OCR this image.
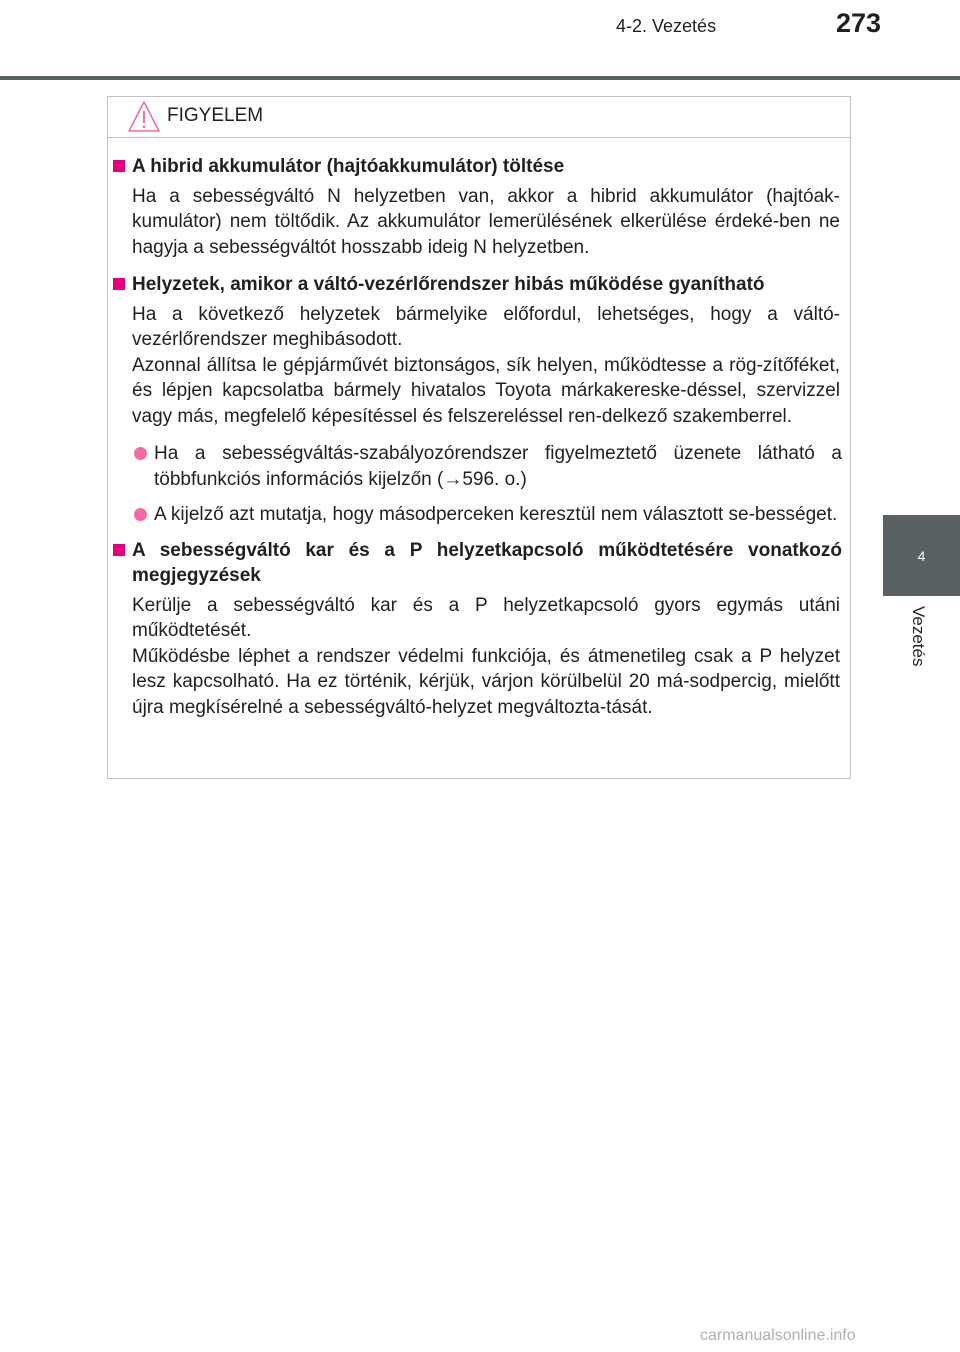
4-2. Vezetés	273
4
Vezetés
FIGYELEM
A hibrid akkumulátor (hajtóakkumulátor) töltése
Ha a sebességváltó N helyzetben van, akkor a hibrid akkumulátor (hajtóak-kumulátor) nem töltődik. Az akkumulátor lemerülésének elkerülése érdeké-ben ne hagyja a sebességváltót hosszabb ideig N helyzetben.
Helyzetek, amikor a váltó-vezérlőrendszer hibás működése gyanítható
Ha a következő helyzetek bármelyike előfordul, lehetséges, hogy a váltó-vezérlőrendszer meghibásodott.
Azonnal állítsa le gépjárművét biztonságos, sík helyen, működtesse a rög-zítőféket, és lépjen kapcsolatba bármely hivatalos Toyota márkakereske-déssel, szervizzel vagy más, megfelelő képesítéssel és felszereléssel ren-delkező szakemberrel.
Ha a sebességváltás-szabályozórendszer figyelmeztető üzenete látható a többfunkciós információs kijelzőn (→596. o.)
A kijelző azt mutatja, hogy másodperceken keresztül nem választott se-bességet.
A sebességváltó kar és a P helyzetkapcsoló működtetésére vonatkozó megjegyzések
Kerülje a sebességváltó kar és a P helyzetkapcsoló gyors egymás utáni működtetését.
Működésbe léphet a rendszer védelmi funkciója, és átmenetileg csak a P helyzet lesz kapcsolható. Ha ez történik, kérjük, várjon körülbelül 20 má-sodpercig, mielőtt újra megkísérelné a sebességváltó-helyzet megváltozta-tását.
carmanualsonline.info
